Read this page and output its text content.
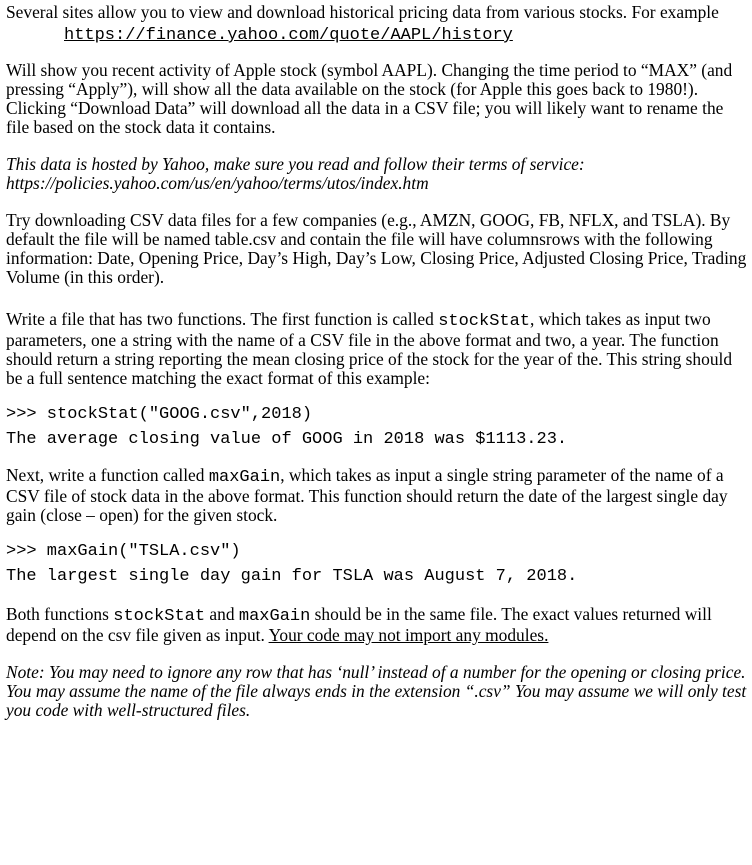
Several sites allow you to view and download historical pricing data from various stocks. For example

https://finance.yahoo.com/quote/AAPL/history

Will show you recent activity of Apple stock (symbol AAPL). Changing the time period to “MAX” (and pressing “Apply”), will show all the data available on the stock (for Apple this goes back to 1980!). Clicking “Download Data” will download all the data in a CSV file; you will likely want to rename the file based on the stock data it contains.

This data is hosted by Yahoo, make sure you read and follow their terms of service:
https://policies.yahoo.com/us/en/yahoo/terms/utos/index.htm

Try downloading CSV data files for a few companies (e.g., AMZN, GOOG, FB, NFLX, and TSLA). By default the file will be named table.csv and contain the file will have columnsrows with the following information: Date, Opening Price, Day’s High, Day’s Low, Closing Price, Adjusted Closing Price, Trading Volume (in this order).

Write a file that has two functions. The first function is called stockStat, which takes as input two parameters, one a string with the name of a CSV file in the above format and two, a year. The function should return a string reporting the mean closing price of the stock for the year of the. This string should be a full sentence matching the exact format of this example:

>>> stockStat("GOOG.csv",2018)
The average closing value of GOOG in 2018 was $1113.23.

Next, write a function called maxGain, which takes as input a single string parameter of the name of a CSV file of stock data in the above format. This function should return the date of the largest single day gain (close – open) for the given stock.

>>> maxGain("TSLA.csv")
The largest single day gain for TSLA was August 7, 2018.

Both functions stockStat and maxGain should be in the same file. The exact values returned will depend on the csv file given as input. Your code may not import any modules.

Note: You may need to ignore any row that has ‘null’ instead of a number for the opening or closing price. You may assume the name of the file always ends in the extension “.csv” You may assume we will only test you code with well-structured files.
